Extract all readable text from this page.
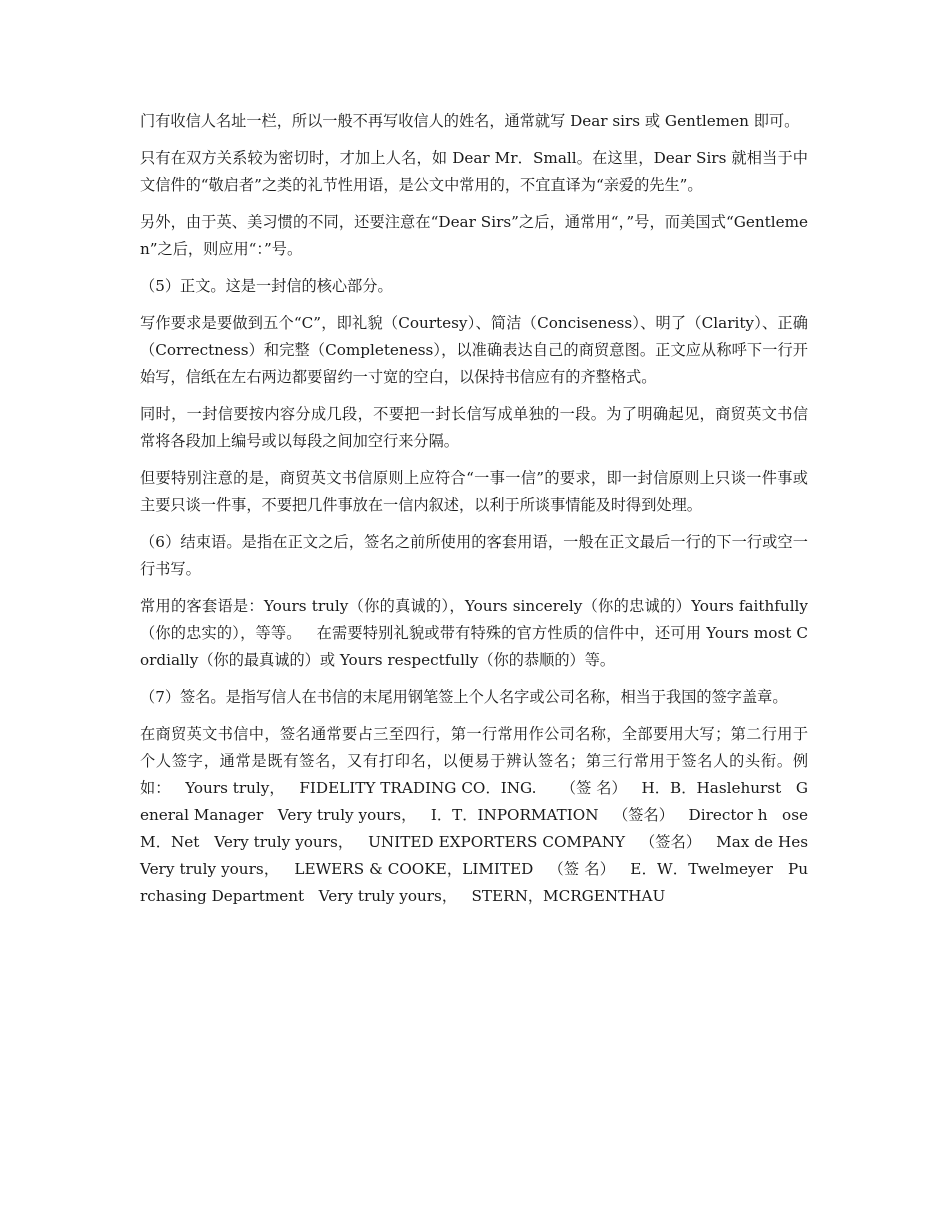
门有收信人名址一栏，所以一般不再写收信人的姓名，通常就写 Dear sirs 或 Gentlemen 即可。

只有在双方关系较为密切时，才加上人名，如 Dear Mr．Small。在这里，Dear Sirs 就相当于中文信件的“敬启者”之类的礼节性用语，是公文中常用的，不宜直译为“亲爱的先生”。

另外，由于英、美习惯的不同，还要注意在“Dear Sirs”之后，通常用“，”号，而美国式“Gentlemen”之后，则应用“：”号。

（5）正文。这是一封信的核心部分。

写作要求是要做到五个“C”，即礼貌（Courtesy）、简洁（Conciseness）、明了（Clarity）、正确（Correctness）和完整（Completeness），以准确表达自己的商贸意图。正文应从称呼下一行开始写，信纸在左右两边都要留约一寸宽的空白，以保持书信应有的齐整格式。

同时，一封信要按内容分成几段，不要把一封长信写成单独的一段。为了明确起见，商贸英文书信常将各段加上编号或以每段之间加空行来分隔。

但要特别注意的是，商贸英文书信原则上应符合“一事一信”的要求，即一封信原则上只谈一件事或主要只谈一件事，不要把几件事放在一信内叙述，以利于所谈事情能及时得到处理。

（6）结束语。是指在正文之后，签名之前所使用的客套用语，一般在正文最后一行的下一行或空一行书写。

常用的客套语是：Yours truly（你的真诚的），Yours sincerely（你的忠诚的）Yours faithfully（你的忠实的），等等。   在需要特别礼貌或带有特殊的官方性质的信件中，还可用 Yours most Cordially（你的最真诚的）或 Yours respectfully（你的恭顺的）等。

（7）签名。是指写信人在书信的末尾用钢笔签上个人名字或公司名称，相当于我国的签字盖章。

在商贸英文书信中，签名通常要占三至四行，第一行常用作公司名称，全部要用大写；第二行用于个人签字，通常是既有签名，又有打印名，以便易于辨认签名；第三行常用于签名人的头衔。例如：   Yours truly，   FIDELITY TRADING CO．ING.     （签 名）   H．B．Haslehurst   General Manager   Very truly yours，   I．T．INPORMATION   （签名）   Director h   ose M．Net   Very truly yours，   UNITED EXPORTERS COMPANY   （签名）   Max de Hes   Very truly yours，   LEWERS & COOKE，LIMITED   （签 名）   E．W．Twelmeyer   Purchasing Department   Very truly yours，   STERN，MCRGENTHAU
